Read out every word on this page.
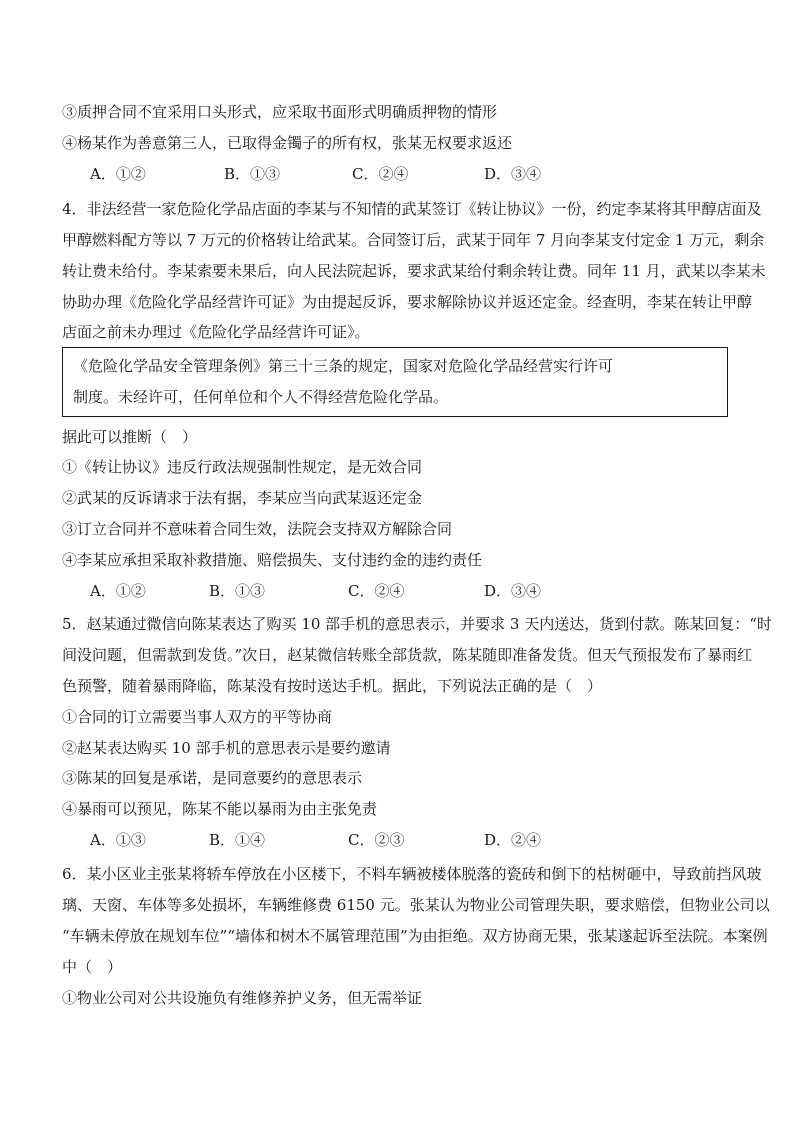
③质押合同不宜采用口头形式，应采取书面形式明确质押物的情形
④杨某作为善意第三人，已取得金镯子的所有权，张某无权要求返还
A．①②	B．①③	C．②④	D．③④
4．非法经营一家危险化学品店面的李某与不知情的武某签订《转让协议》一份，约定李某将其甲醇店面及
甲醇燃料配方等以 7 万元的价格转让给武某。合同签订后，武某于同年 7 月向李某支付定金 1 万元，剩余
转让费未给付。李某索要未果后，向人民法院起诉，要求武某给付剩余转让费。同年 11 月，武某以李某未
协助办理《危险化学品经营许可证》为由提起反诉，要求解除协议并返还定金。经查明，李某在转让甲醇
店面之前未办理过《危险化学品经营许可证》。
《危险化学品安全管理条例》第三十三条的规定，国家对危险化学品经营实行许可
制度。未经许可，任何单位和个人不得经营危险化学品。
据此可以推断（　）
①《转让协议》违反行政法规强制性规定，是无效合同
②武某的反诉请求于法有据，李某应当向武某返还定金
③订立合同并不意味着合同生效，法院会支持双方解除合同
④李某应承担采取补救措施、赔偿损失、支付违约金的违约责任
A．①②	B．①③	C．②④	D．③④
5．赵某通过微信向陈某表达了购买 10 部手机的意思表示，并要求 3 天内送达，货到付款。陈某回复：“时
间没问题，但需款到发货。”次日，赵某微信转账全部货款，陈某随即准备发货。但天气预报发布了暴雨红
色预警，随着暴雨降临，陈某没有按时送达手机。据此，下列说法正确的是（　）
①合同的订立需要当事人双方的平等协商
②赵某表达购买 10 部手机的意思表示是要约邀请
③陈某的回复是承诺，是同意要约的意思表示
④暴雨可以预见，陈某不能以暴雨为由主张免责
A．①③	B．①④	C．②③	D．②④
6．某小区业主张某将轿车停放在小区楼下，不料车辆被楼体脱落的瓷砖和倒下的枯树砸中，导致前挡风玻
璃、天窗、车体等多处损坏，车辆维修费 6150 元。张某认为物业公司管理失职，要求赔偿，但物业公司以
“车辆未停放在规划车位”“墙体和树木不属管理范围”为由拒绝。双方协商无果，张某遂起诉至法院。本案例
中（　）
①物业公司对公共设施负有维修养护义务，但无需举证
